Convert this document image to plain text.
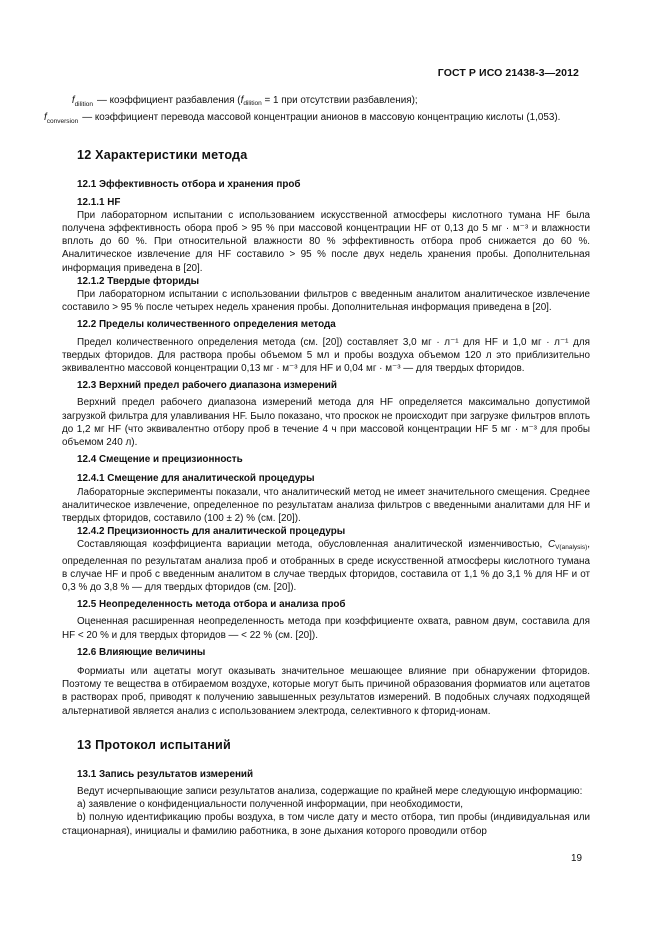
ГОСТ Р ИСО 21438-3—2012
$f_{dilition}$ — коэффициент разбавления ($f_{dilition} = 1$ при отсутствии разбавления);
$f_{conversion}$ — коэффициент перевода массовой концентрации анионов в массовую концентрацию кислоты (1,053).
12 Характеристики метода
12.1 Эффективность отбора и хранения проб
12.1.1 HF

При лабораторном испытании с использованием искусственной атмосферы кислотного тумана HF была получена эффективность обора проб > 95 % при массовой концентрации HF от 0,13 до 5 мг · м⁻³ и влажности вплоть до 60 %. При относительной влажности 80 % эффективность отбора проб снижается до 60 %. Аналитическое извлечение для HF составило > 95 % после двух недель хранения пробы. Дополнительная информация приведена в [20].

12.1.2 Твердые фториды

При лабораторном испытании с использовании фильтров с введенным аналитом аналитическое извлечение составило > 95 % после четырех недель хранения пробы. Дополнительная информация приведена в [20].

12.2 Пределы количественного определения метода

Предел количественного определения метода (см. [20]) составляет 3,0 мг · л⁻¹ для HF и 1,0 мг · л⁻¹ для твердых фторидов. Для раствора пробы объемом 5 мл и пробы воздуха объемом 120 л это приблизительно эквивалентно массовой концентрации 0,13 мг · м⁻³ для HF и 0,04 мг · м⁻³ — для твердых фторидов.

12.3 Верхний предел рабочего диапазона измерений

Верхний предел рабочего диапазона измерений метода для HF определяется максимально допустимой загрузкой фильтра для улавливания HF. Было показано, что проскок не происходит при загрузке фильтров вплоть до 1,2 мг HF (что эквивалентно отбору проб в течение 4 ч при массовой концентрации HF 5 мг · м⁻³ для пробы объемом 240 л).

12.4 Смещение и прецизионность
12.4.1 Смещение для аналитической процедуры

Лабораторные эксперименты показали, что аналитический метод не имеет значительного смещения. Среднее аналитическое извлечение, определенное по результатам анализа фильтров с введенными аналитами для HF и твердых фторидов, составило (100 ± 2) % (см. [20]).

12.4.2 Прецизионность для аналитической процедуры

Составляющая коэффициента вариации метода, обусловленная аналитической изменчивостью, $C_{V(analysis)}$, определенная по результатам анализа проб и отобранных в среде искусственной атмосферы кислотного тумана в случае HF и проб с введенным аналитом в случае твердых фторидов, составила от 1,1 % до 3,1 % для HF и от 0,3 % до 3,8 % — для твердых фторидов (см. [20]).

12.5 Неопределенность метода отбора и анализа проб

Оцененная расширенная неопределенность метода при коэффициенте охвата, равном двум, составила для HF < 20 % и для твердых фторидов — < 22 % (см. [20]).

12.6 Влияющие величины

Формиаты или ацетаты могут оказывать значительное мешающее влияние при обнаружении фторидов. Поэтому те вещества в отбираемом воздухе, которые могут быть причиной образования формиатов или ацетатов в растворах проб, приводят к получению завышенных результатов измерений. В подобных случаях подходящей альтернативой является анализ с использованием электрода, селективного к фторид-ионам.

13 Протокол испытаний
13.1 Запись результатов измерений

Ведут исчерпывающие записи результатов анализа, содержащие по крайней мере следующую информацию:

а) заявление о конфиденциальности полученной информации, при необходимости,

b) полную идентификацию пробы воздуха, в том числе дату и место отбора, тип пробы (индивидуальная или стационарная), инициалы и фамилию работника, в зоне дыхания которого проводили отбор

19
